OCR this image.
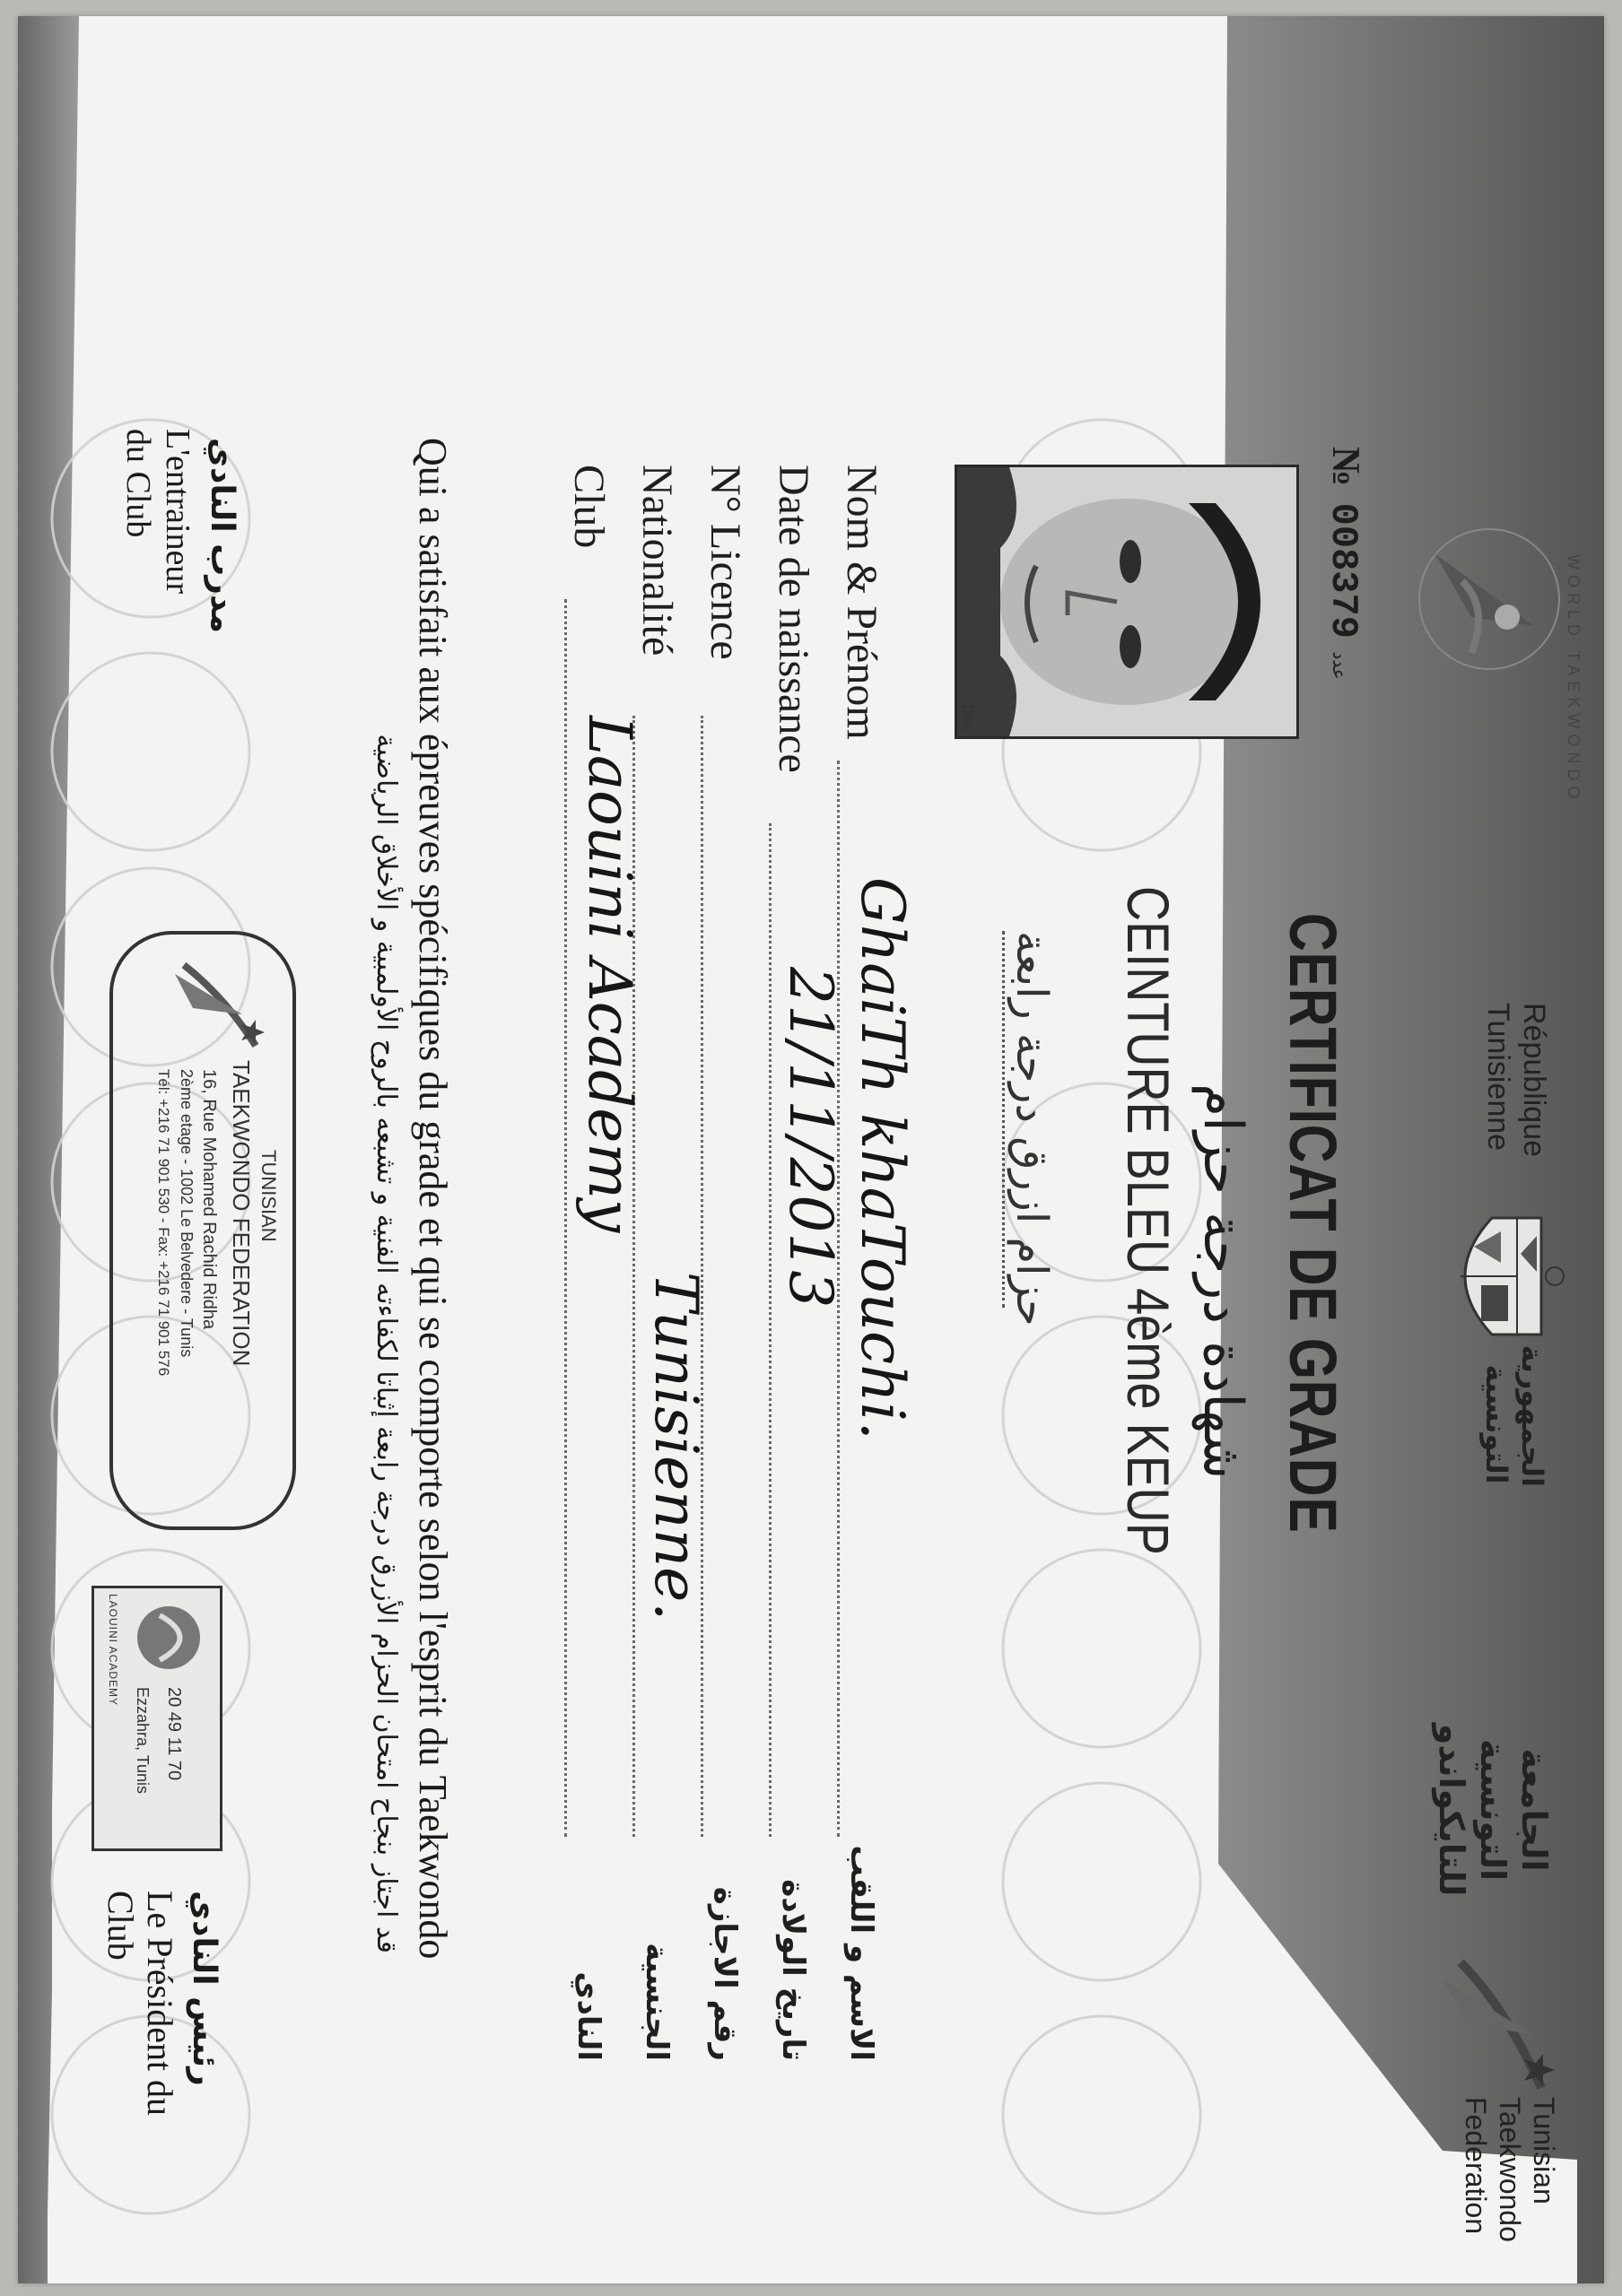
WORLD TAEKWONDO
République Tunisienne
الجمهورية التونسية
الجامعة التونسية للتايكواندو
Tunisian Taekwondo Federation
№ 008379 عدد
Date
CERTIFICAT DE GRADE
شهادة درجة حزام
CEINTURE BLEU 4ème KEUP
حزام ازرق درجة رابعة
Nom & Prénom
GhaiTh khaTouchi.
الاسم و اللقب
Date de naissance
21/11/2013
تاريخ الولادة
N° Licence
رقم الاجازة
Nationalité
Tunisienne.
الجنسية
Club
Laouini Academy
النادي
Qui a satisfait aux épreuves spécifiques du grade et qui se comporte selon l'esprit du Taekwondo
قد اجتاز بنجاح امتحان الحزام الأزرق درجة رابعة إثباتا لكفاءته الفنية و تشبعه بالروح الأولمبية و الأخلاق الرياضية
مدرب النادي
L'entraineur du Club
TUNISIAN
TAEKWONDO FEDERATION
16, Rue Mohamed Rachid Ridha
2ème etage - 1002 Le Belvedere - Tunis
Tél: +216 71 901 530 - Fax: +216 71 901 576
20 49 11 70
Ezzahra, Tunis
LAOUINI ACADEMY
رئيس النادي
Le Président du Club
